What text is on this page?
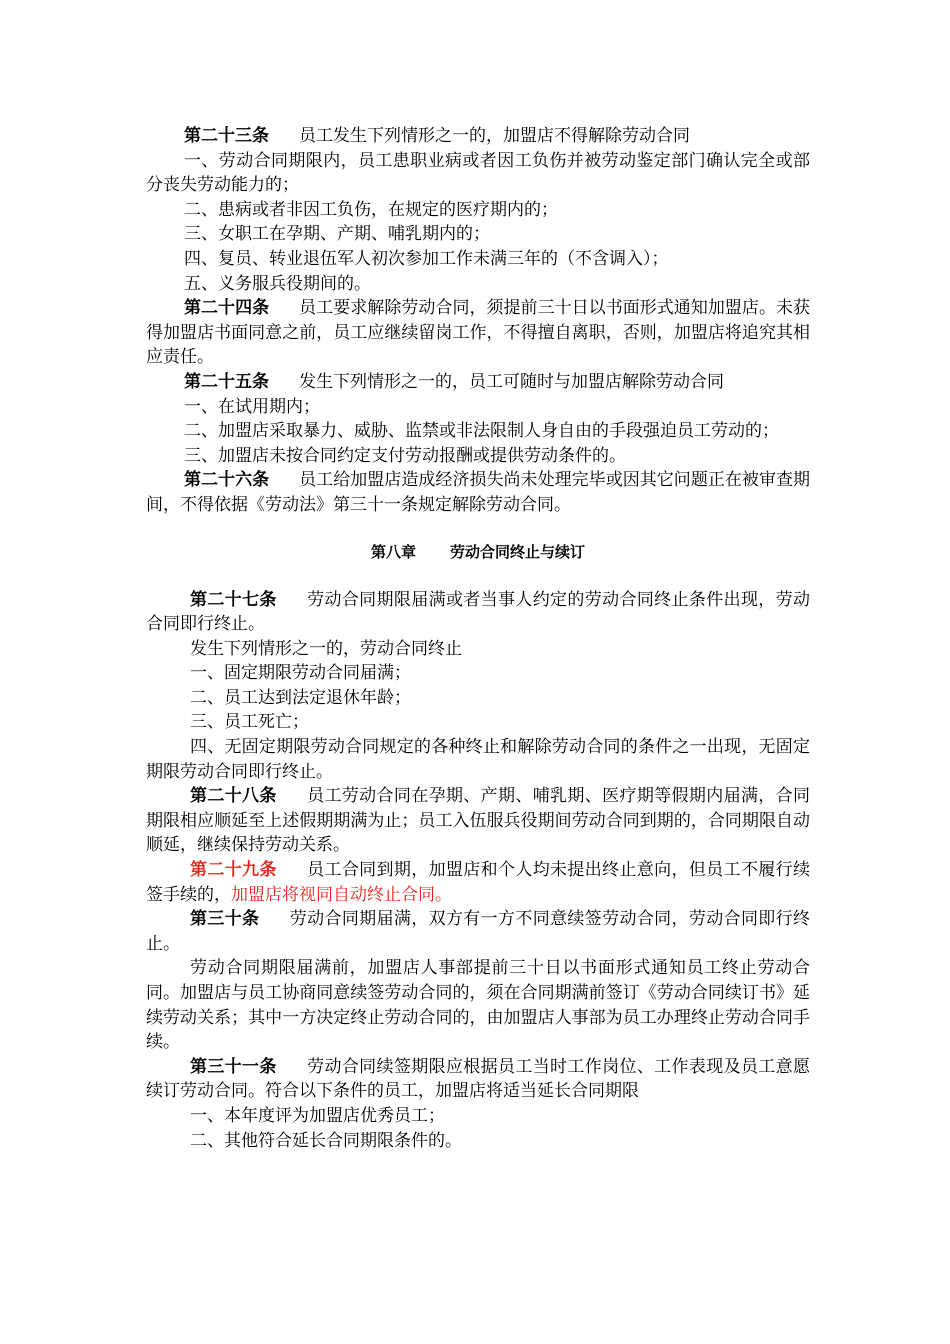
第二十三条 员工发生下列情形之一的，加盟店不得解除劳动合同

一、劳动合同期限内，员工患职业病或者因工负伤并被劳动鉴定部门确认完全或部分丧失劳动能力的；

二、患病或者非因工负伤，在规定的医疗期内的；

三、女职工在孕期、产期、哺乳期内的；

四、复员、转业退伍军人初次参加工作未满三年的（不含调入）；

五、义务服兵役期间的。

第二十四条 员工要求解除劳动合同，须提前三十日以书面形式通知加盟店。未获得加盟店书面同意之前，员工应继续留岗工作，不得擅自离职，否则，加盟店将追究其相应责任。

第二十五条 发生下列情形之一的，员工可随时与加盟店解除劳动合同

一、在试用期内；

二、加盟店采取暴力、威胁、监禁或非法限制人身自由的手段强迫员工劳动的；

三、加盟店未按合同约定支付劳动报酬或提供劳动条件的。

第二十六条 员工给加盟店造成经济损失尚未处理完毕或因其它问题正在被审查期间，不得依据《劳动法》第三十一条规定解除劳动合同。

第八章 劳动合同终止与续订

第二十七条 劳动合同期限届满或者当事人约定的劳动合同终止条件出现，劳动合同即行终止。

发生下列情形之一的，劳动合同终止

一、固定期限劳动合同届满；

二、员工达到法定退休年龄；

三、员工死亡；

四、无固定期限劳动合同规定的各种终止和解除劳动合同的条件之一出现，无固定期限劳动合同即行终止。

第二十八条 员工劳动合同在孕期、产期、哺乳期、医疗期等假期内届满，合同期限相应顺延至上述假期期满为止；员工入伍服兵役期间劳动合同到期的，合同期限自动顺延，继续保持劳动关系。

第二十九条 员工合同到期，加盟店和个人均未提出终止意向，但员工不履行续签手续的，加盟店将视同自动终止合同。

第三十条 劳动合同期届满，双方有一方不同意续签劳动合同，劳动合同即行终止。

劳动合同期限届满前，加盟店人事部提前三十日以书面形式通知员工终止劳动合同。加盟店与员工协商同意续签劳动合同的，须在合同期满前签订《劳动合同续订书》延续劳动关系；其中一方决定终止劳动合同的，由加盟店人事部为员工办理终止劳动合同手续。

第三十一条 劳动合同续签期限应根据员工当时工作岗位、工作表现及员工意愿续订劳动合同。符合以下条件的员工，加盟店将适当延长合同期限

一、本年度评为加盟店优秀员工；

二、其他符合延长合同期限条件的。
